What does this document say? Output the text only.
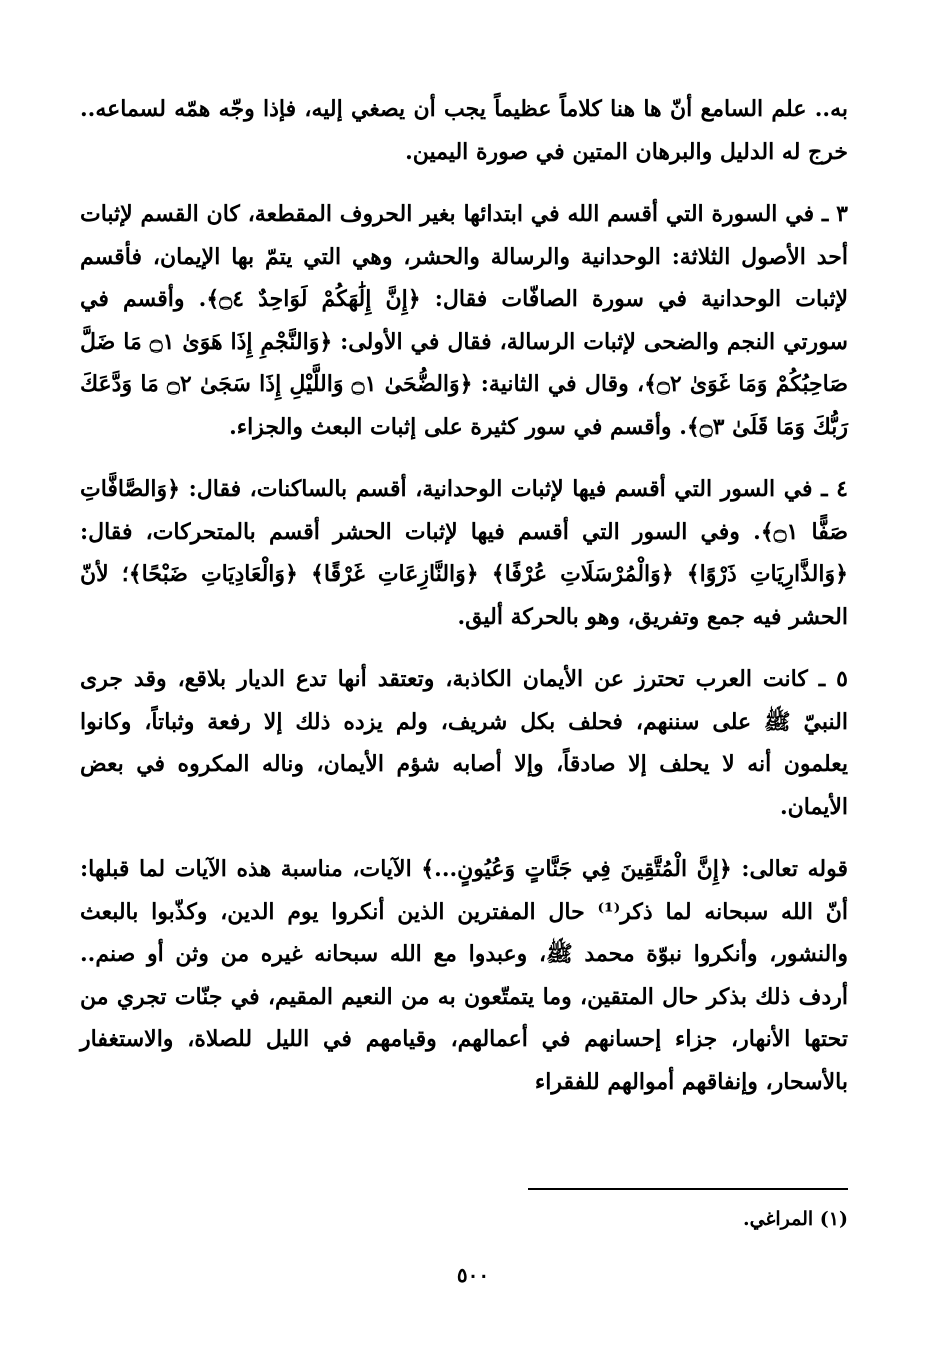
به.. علم السامع أنّ ها هنا كلاماً عظيماً يجب أن يصغي إليه، فإذا وجّه همّه لسماعه.. خرج له الدليل والبرهان المتين في صورة اليمين.

٣ ـ في السورة التي أقسم الله في ابتدائها بغير الحروف المقطعة، كان القسم لإثبات أحد الأصول الثلاثة: الوحدانية والرسالة والحشر، وهي التي يتمّ بها الإيمان، فأقسم لإثبات الوحدانية في سورة الصافّات فقال: ﴿إِنَّ إِلَٰهَكُمْ لَوَاحِدٌ ۝٤﴾. وأقسم في سورتي النجم والضحى لإثبات الرسالة، فقال في الأولى: ﴿وَالنَّجْمِ إِذَا هَوَىٰ ۝١ مَا ضَلَّ صَاحِبُكُمْ وَمَا غَوَىٰ ۝٢﴾، وقال في الثانية: ﴿وَالضُّحَىٰ ۝١ وَاللَّيْلِ إِذَا سَجَىٰ ۝٢ مَا وَدَّعَكَ رَبُّكَ وَمَا قَلَىٰ ۝٣﴾. وأقسم في سور كثيرة على إثبات البعث والجزاء.

٤ ـ في السور التي أقسم فيها لإثبات الوحدانية، أقسم بالساكنات، فقال: ﴿وَالصَّافَّاتِ صَفًّا ۝١﴾. وفي السور التي أقسم فيها لإثبات الحشر أقسم بالمتحركات، فقال: ﴿وَالذَّارِيَاتِ ذَرْوًا﴾ ﴿وَالْمُرْسَلَاتِ عُرْفًا﴾ ﴿وَالنَّازِعَاتِ غَرْقًا﴾ ﴿وَالْعَادِيَاتِ ضَبْحًا﴾؛ لأنّ الحشر فيه جمع وتفريق، وهو بالحركة أليق.

٥ ـ كانت العرب تحترز عن الأيمان الكاذبة، وتعتقد أنها تدع الديار بلاقع، وقد جرى النبيّ ﷺ على سننهم، فحلف بكل شريف، ولم يزده ذلك إلا رفعة وثباتاً، وكانوا يعلمون أنه لا يحلف إلا صادقاً، وإلا أصابه شؤم الأيمان، وناله المكروه في بعض الأيمان.

قوله تعالى: ﴿إِنَّ الْمُتَّقِينَ فِي جَنَّاتٍ وَعُيُونٍ...﴾ الآيات، مناسبة هذه الآيات لما قبلها: أنّ الله سبحانه لما ذكر⁽¹⁾ حال المفترين الذين أنكروا يوم الدين، وكذّبوا بالبعث والنشور، وأنكروا نبوّة محمد ﷺ، وعبدوا مع الله سبحانه غيره من وثن أو صنم.. أردف ذلك بذكر حال المتقين، وما يتمتّعون به من النعيم المقيم، في جنّات تجري من تحتها الأنهار، جزاء إحسانهم في أعمالهم، وقيامهم في الليل للصلاة، والاستغفار بالأسحار، وإنفاقهم أموالهم للفقراء

(١) المراغي.
٥٠٠
